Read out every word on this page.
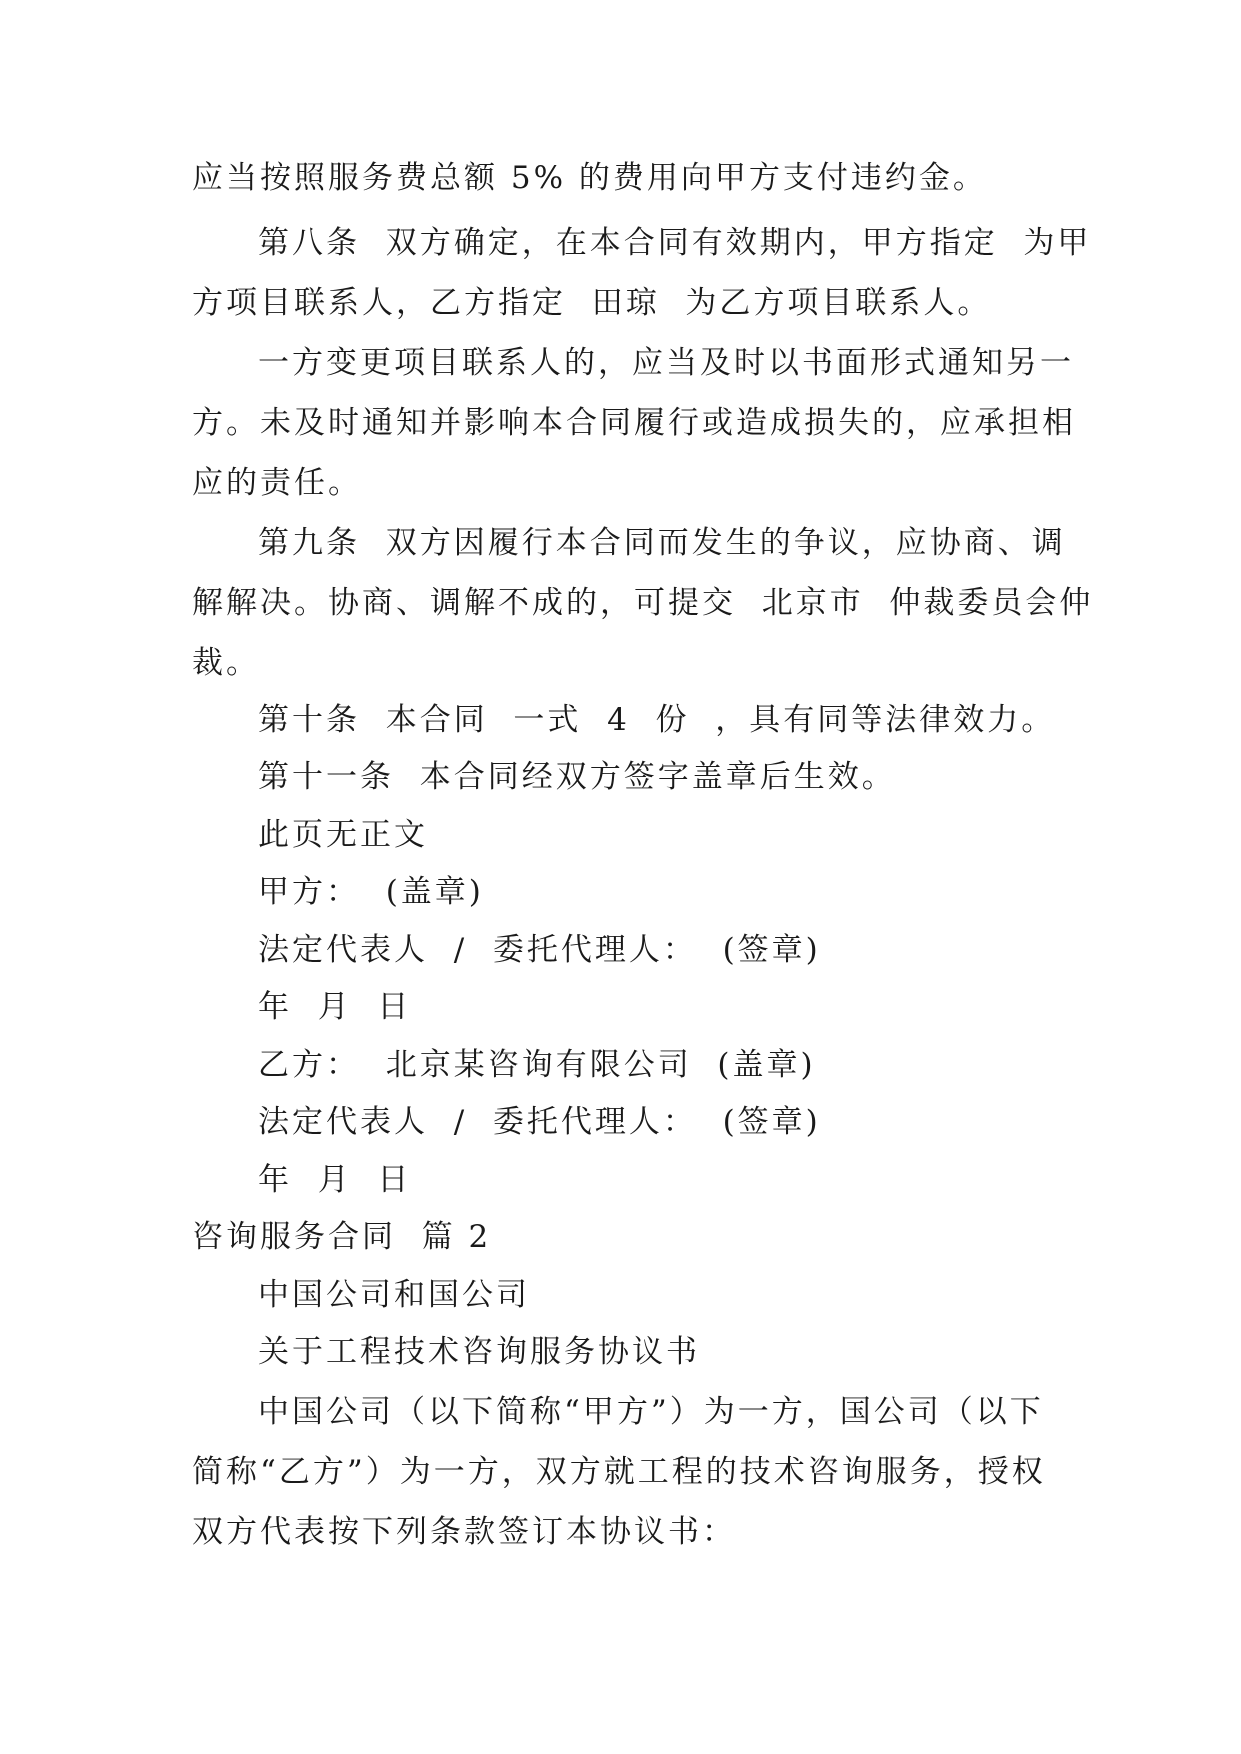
应当按照服务费总额 5% 的费用向甲方支付违约金。
第八条  双方确定，在本合同有效期内，甲方指定  为甲
方项目联系人，乙方指定  田琼  为乙方项目联系人。
一方变更项目联系人的，应当及时以书面形式通知另一
方。未及时通知并影响本合同履行或造成损失的，应承担相
应的责任。
第九条  双方因履行本合同而发生的争议，应协商、调
解解决。协商、调解不成的，可提交  北京市  仲裁委员会仲
裁。
第十条  本合同  一式  4  份  ，具有同等法律效力。
第十一条  本合同经双方签字盖章后生效。
此页无正文
甲方：  (盖章)
法定代表人  /  委托代理人：  (签章)
年  月  日
乙方：  北京某咨询有限公司  (盖章)
法定代表人  /  委托代理人：  (签章)
年  月  日
咨询服务合同  篇 2
中国公司和国公司
关于工程技术咨询服务协议书
中国公司（以下简称“甲方”）为一方，国公司（以下
简称“乙方”）为一方，双方就工程的技术咨询服务，授权
双方代表按下列条款签订本协议书：
